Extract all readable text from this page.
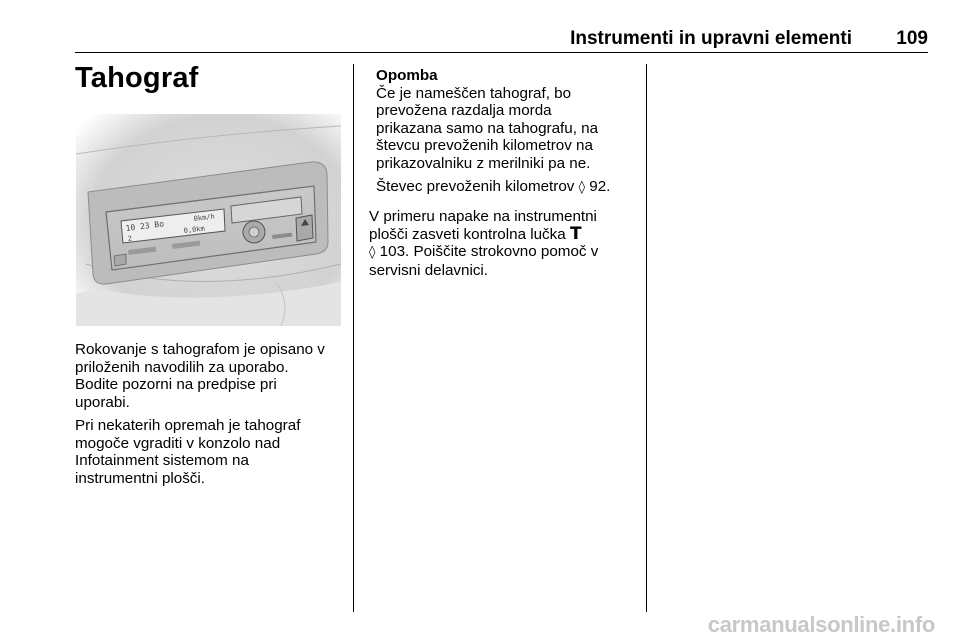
Instrumenti in upravni elementi	109
Tahograf
10 23 Bo
0km/h
2
0,0km
Rokovanje s tahografom je opisano v
priloženih navodilih za uporabo.
Bodite pozorni na predpise pri
uporabi.
Pri nekaterih opremah je tahograf
mogoče vgraditi v konzolo nad
Infotainment sistemom na
instrumentni plošči.
Opomba
Če je nameščen tahograf, bo
prevožena razdalja morda
prikazana samo na tahografu, na
števcu prevoženih kilometrov na
prikazovalniku z merilniki pa ne.
Števec prevoženih kilometrov ◊ 92.
V primeru napake na instrumentni
plošči zasveti kontrolna lučka T
◊ 103. Poiščite strokovno pomoč v
servisni delavnici.
carmanualsonline.info
